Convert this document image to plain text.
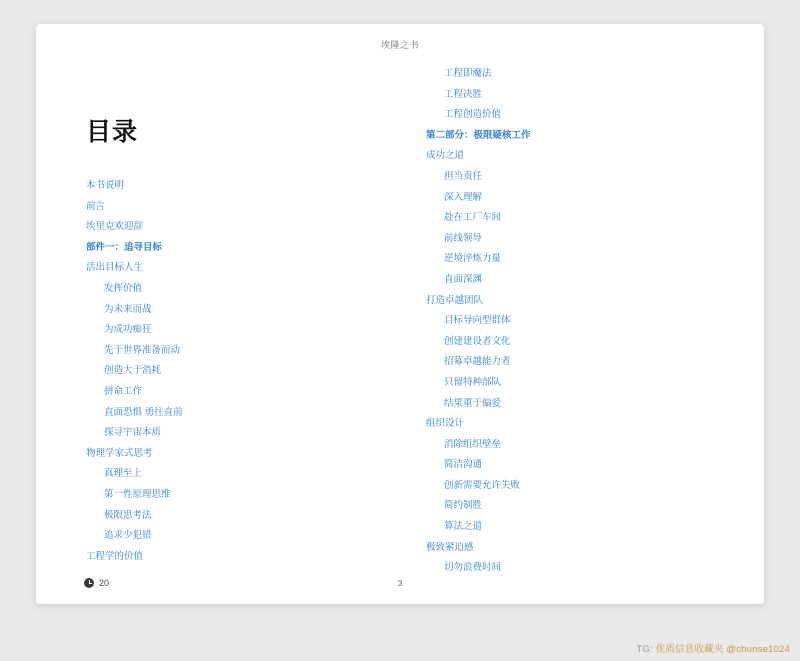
埃隆之书
目录
本书说明
前言
埃里克欢迎辞
部件一：追寻目标
活出目标人生
发挥价值
为未来而战
为成功痴狂
先于世界准备而动
创造大于消耗
拼命工作
直面恐惧 勇往直前
探寻宇宙本质
物理学家式思考
真理至上
第一性原理思维
极限思考法
追求少犯错
工程学的价值
工程即魔法
工程决胜
工程创造价值
第二部分：极限疑核工作
成功之道
担当责任
深入理解
赴在工厂车间
前线领导
逆境淬炼力量
直面深渊
打造卓越团队
目标导向型群体
创建建设者文化
招募卓越能力者
只留特种部队
结果重于偏爱
组织设计
消除组织壁垒
简洁沟通
创新需要允许失败
简约制胜
算法之道
极致紧迫感
切勿浪费时间
20	3
TG: 优质信息收藏夹 @chunse1024
